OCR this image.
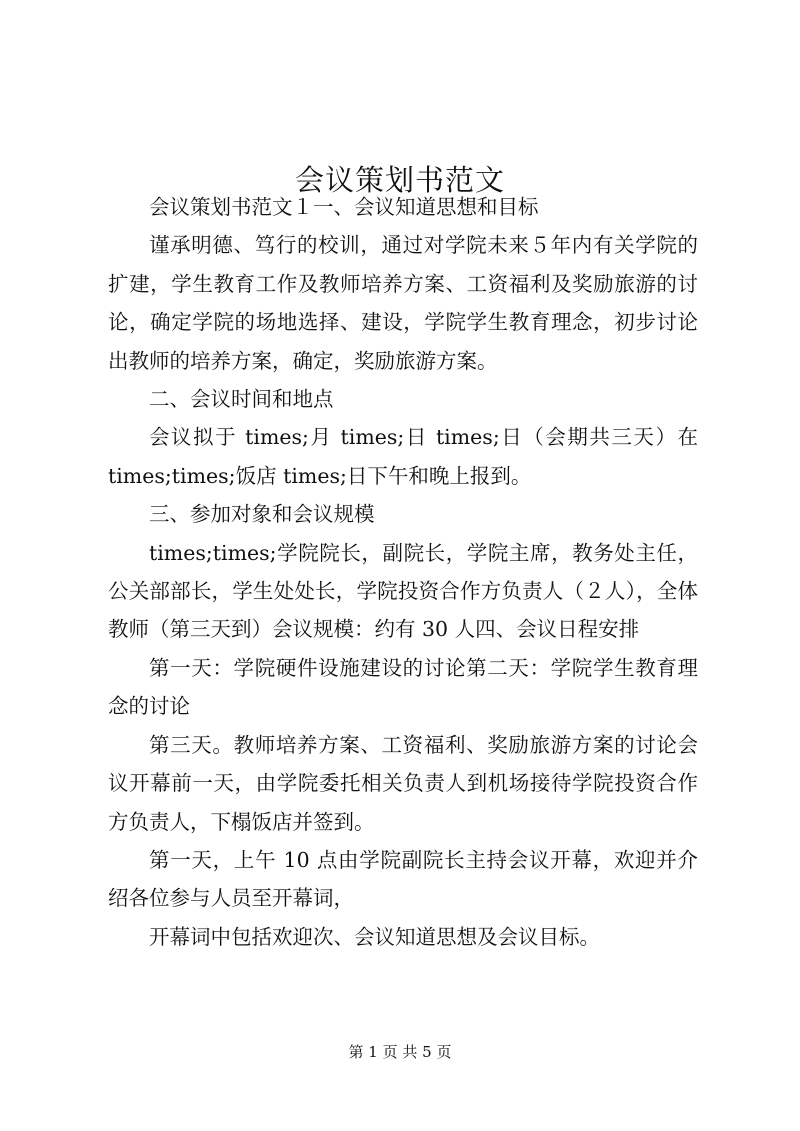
会议策划书范文

会议策划书范文１一、会议知道思想和目标

谨承明德、笃行的校训，通过对学院未来５年内有关学院的扩建，学生教育工作及教师培养方案、工资福利及奖励旅游的讨论，确定学院的场地选择、建设，学院学生教育理念，初步讨论出教师的培养方案，确定，奖励旅游方案。

二、会议时间和地点

会议拟于 times;月 times;日 times;日（会期共三天）在times;times;饭店 times;日下午和晚上报到。

三、参加对象和会议规模

times;times;学院院长，副院长，学院主席，教务处主任，公关部部长，学生处处长，学院投资合作方负责人（２人），全体教师（第三天到）会议规模：约有 30 人四、会议日程安排

第一天：学院硬件设施建设的讨论第二天：学院学生教育理念的讨论

第三天。教师培养方案、工资福利、奖励旅游方案的讨论会议开幕前一天，由学院委托相关负责人到机场接待学院投资合作方负责人，下榻饭店并签到。

第一天，上午 10 点由学院副院长主持会议开幕，欢迎并介绍各位参与人员至开幕词，

开幕词中包括欢迎次、会议知道思想及会议目标。

第 1 页 共 5 页
